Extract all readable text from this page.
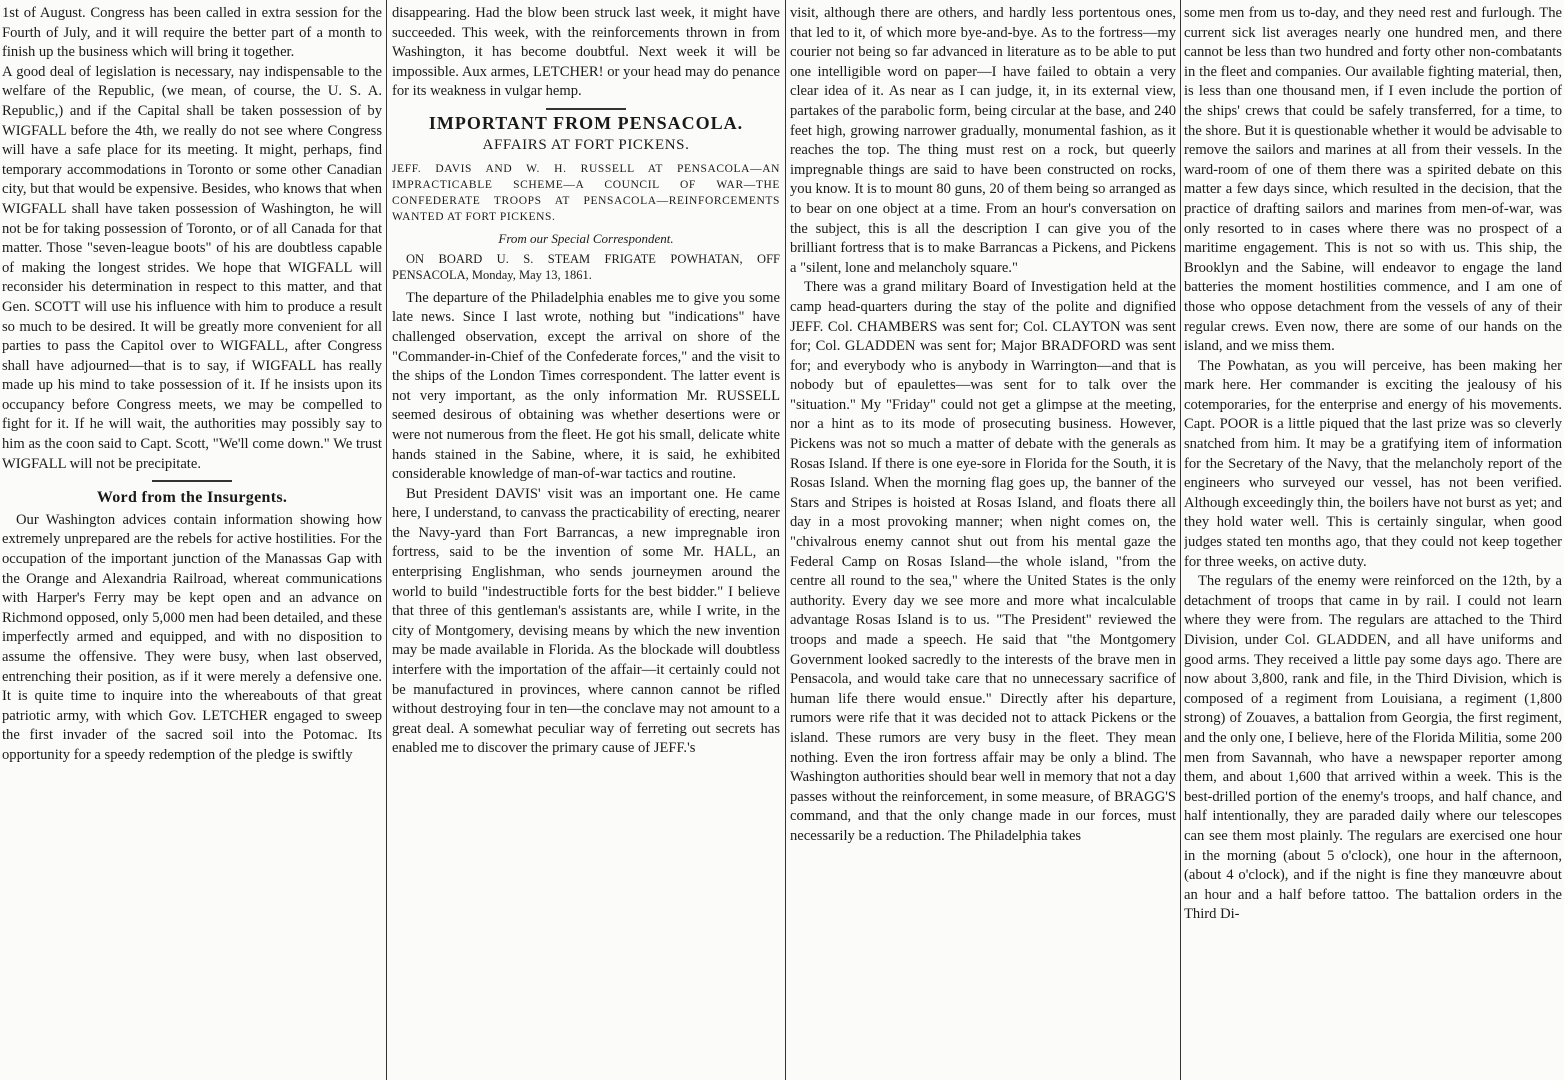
1st of August. Congress has been called in extra session for the Fourth of July, and it will require the better part of a month to finish up the business which will bring it together.

A good deal of legislation is necessary, nay indispensable to the welfare of the Republic, (we mean, of course, the U. S. A. Republic,) and if the Capital shall be taken possession of by WIGFALL before the 4th, we really do not see where Congress will have a safe place for its meeting. It might, perhaps, find temporary accommodations in Toronto or some other Canadian city, but that would be expensive. Besides, who knows that when WIGFALL shall have taken possession of Washington, he will not be for taking possession of Toronto, or of all Canada for that matter. Those "seven-league boots" of his are doubtless capable of making the longest strides. We hope that WIGFALL will reconsider his determination in respect to this matter, and that Gen. SCOTT will use his influence with him to produce a result so much to be desired. It will be greatly more convenient for all parties to pass the Capitol over to WIGFALL, after Congress shall have adjourned—that is to say, if WIGFALL has really made up his mind to take possession of it. If he insists upon its occupancy before Congress meets, we may be compelled to fight for it. If he will wait, the authorities may possibly say to him as the coon said to Capt. Scott, "We'll come down." We trust WIGFALL will not be precipitate.

Word from the Insurgents.

Our Washington advices contain information showing how extremely unprepared are the rebels for active hostilities. For the occupation of the important junction of the Manassas Gap with the Orange and Alexandria Railroad, whereat communications with Harper's Ferry may be kept open and an advance on Richmond opposed, only 5,000 men had been detailed, and these imperfectly armed and equipped, and with no disposition to assume the offensive. They were busy, when last observed, entrenching their position, as if it were merely a defensive one. It is quite time to inquire into the whereabouts of that great patriotic army, with which Gov. LETCHER engaged to sweep the first invader of the sacred soil into the Potomac. Its opportunity for a speedy redemption of the pledge is swiftly

disappearing. Had the blow been struck last week, it might have succeeded. This week, with the reinforcements thrown in from Washington, it has become doubtful. Next week it will be impossible. Aux armes, LETCHER! or your head may do penance for its weakness in vulgar hemp.

IMPORTANT FROM PENSACOLA.
AFFAIRS AT FORT PICKENS.
JEFF. DAVIS AND W. H. RUSSELL AT PENSACOLA—AN IMPRACTICABLE SCHEME—A COUNCIL OF WAR—THE CONFEDERATE TROOPS AT PENSACOLA—REINFORCEMENTS WANTED AT FORT PICKENS.
From our Special Correspondent.
ON BOARD U. S. STEAM FRIGATE POWHATAN, OFF PENSACOLA, Monday, May 13, 1861.

The departure of the Philadelphia enables me to give you some late news. Since I last wrote, nothing but "indications" have challenged observation, except the arrival on shore of the "Commander-in-Chief of the Confederate forces," and the visit to the ships of the London Times correspondent. The latter event is not very important, as the only information Mr. RUSSELL seemed desirous of obtaining was whether desertions were or were not numerous from the fleet. He got his small, delicate white hands stained in the Sabine, where, it is said, he exhibited considerable knowledge of man-of-war tactics and routine.

But President DAVIS' visit was an important one. He came here, I understand, to canvass the practicability of erecting, nearer the Navy-yard than Fort Barrancas, a new impregnable iron fortress, said to be the invention of some Mr. HALL, an enterprising Englishman, who sends journeymen around the world to build "indestructible forts for the best bidder." I believe that three of this gentleman's assistants are, while I write, in the city of Montgomery, devising means by which the new invention may be made available in Florida. As the blockade will doubtless interfere with the importation of the affair—it certainly could not be manufactured in provinces, where cannon cannot be rifled without destroying four in ten—the conclave may not amount to a great deal. A somewhat peculiar way of ferreting out secrets has enabled me to discover the primary cause of JEFF.'s

visit, although there are others, and hardly less portentous ones, that led to it, of which more bye-and-bye. As to the fortress—my courier not being so far advanced in literature as to be able to put one intelligible word on paper—I have failed to obtain a very clear idea of it. As near as I can judge, it, in its external view, partakes of the parabolic form, being circular at the base, and 240 feet high, growing narrower gradually, monumental fashion, as it reaches the top. The thing must rest on a rock, but queerly impregnable things are said to have been constructed on rocks, you know. It is to mount 80 guns, 20 of them being so arranged as to bear on one object at a time. From an hour's conversation on the subject, this is all the description I can give you of the brilliant fortress that is to make Barrancas a Pickens, and Pickens a "silent, lone and melancholy square."

There was a grand military Board of Investigation held at the camp head-quarters during the stay of the polite and dignified JEFF. Col. CHAMBERS was sent for; Col. CLAYTON was sent for; Col. GLADDEN was sent for; Major BRADFORD was sent for; and everybody who is anybody in Warrington—and that is nobody but of epaulettes—was sent for to talk over the "situation." My "Friday" could not get a glimpse at the meeting, nor a hint as to its mode of prosecuting business. However, Pickens was not so much a matter of debate with the generals as Rosas Island. If there is one eye-sore in Florida for the South, it is Rosas Island. When the morning flag goes up, the banner of the Stars and Stripes is hoisted at Rosas Island, and floats there all day in a most provoking manner; when night comes on, the "chivalrous enemy cannot shut out from his mental gaze the Federal Camp on Rosas Island—the whole island, "from the centre all round to the sea," where the United States is the only authority. Every day we see more and more what incalculable advantage Rosas Island is to us. "The President" reviewed the troops and made a speech. He said that "the Montgomery Government looked sacredly to the interests of the brave men in Pensacola, and would take care that no unnecessary sacrifice of human life there would ensue." Directly after his departure, rumors were rife that it was decided not to attack Pickens or the island. These rumors are very busy in the fleet. They mean nothing. Even the iron fortress affair may be only a blind. The Washington authorities should bear well in memory that not a day passes without the reinforcement, in some measure, of BRAGG'S command, and that the only change made in our forces, must necessarily be a reduction. The Philadelphia takes

some men from us to-day, and they need rest and furlough. The current sick list averages nearly one hundred men, and there cannot be less than two hundred and forty other non-combatants in the fleet and companies. Our available fighting material, then, is less than one thousand men, if I even include the portion of the ships' crews that could be safely transferred, for a time, to the shore. But it is questionable whether it would be advisable to remove the sailors and marines at all from their vessels. In the ward-room of one of them there was a spirited debate on this matter a few days since, which resulted in the decision, that the practice of drafting sailors and marines from men-of-war, was only resorted to in cases where there was no prospect of a maritime engagement. This is not so with us. This ship, the Brooklyn and the Sabine, will endeavor to engage the land batteries the moment hostilities commence, and I am one of those who oppose detachment from the vessels of any of their regular crews. Even now, there are some of our hands on the island, and we miss them.

The Powhatan, as you will perceive, has been making her mark here. Her commander is exciting the jealousy of his cotemporaries, for the enterprise and energy of his movements. Capt. POOR is a little piqued that the last prize was so cleverly snatched from him. It may be a gratifying item of information for the Secretary of the Navy, that the melancholy report of the engineers who surveyed our vessel, has not been verified. Although exceedingly thin, the boilers have not burst as yet; and they hold water well. This is certainly singular, when good judges stated ten months ago, that they could not keep together for three weeks, on active duty.

The regulars of the enemy were reinforced on the 12th, by a detachment of troops that came in by rail. I could not learn where they were from. The regulars are attached to the Third Division, under Col. GLADDEN, and all have uniforms and good arms. They received a little pay some days ago. There are now about 3,800, rank and file, in the Third Division, which is composed of a regiment from Louisiana, a regiment (1,800 strong) of Zouaves, a battalion from Georgia, the first regiment, and the only one, I believe, here of the Florida Militia, some 200 men from Savannah, who have a newspaper reporter among them, and about 1,600 that arrived within a week. This is the best-drilled portion of the enemy's troops, and half chance, and half intentionally, they are paraded daily where our telescopes can see them most plainly. The regulars are exercised one hour in the morning (about 5 o'clock), one hour in the afternoon, (about 4 o'clock), and if the night is fine they manœuvre about an hour and a half before tattoo. The battalion orders in the Third Di-
